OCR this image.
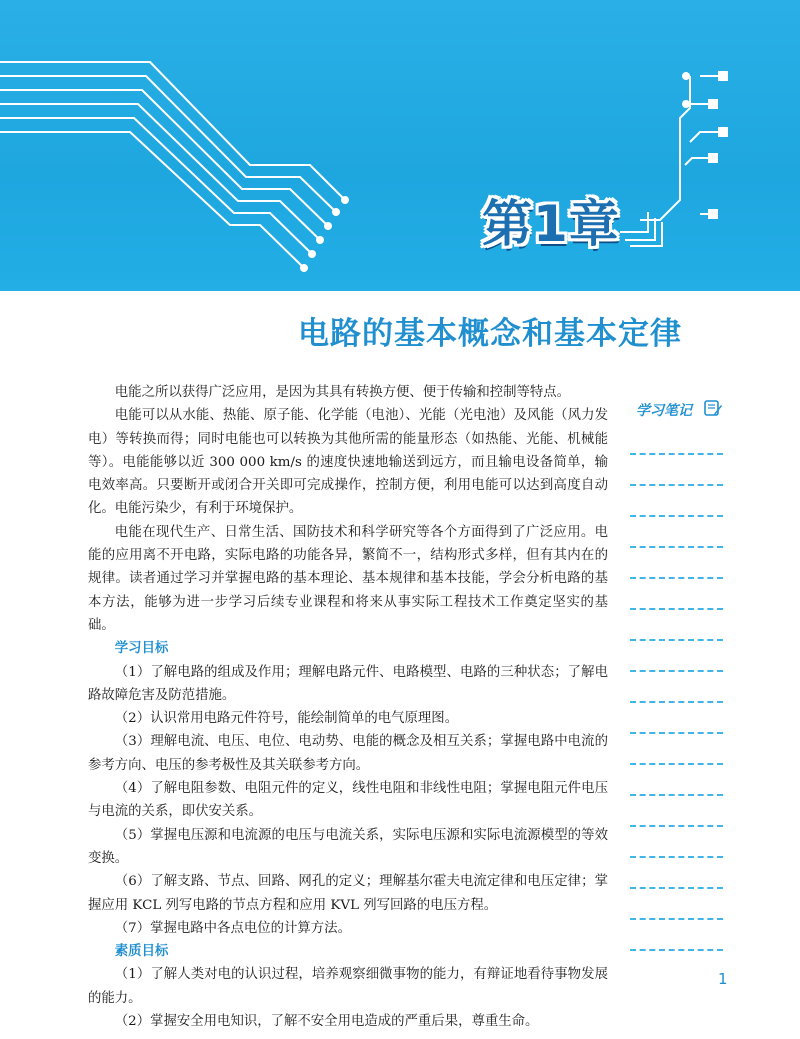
第1章
电路的基本概念和基本定律

电能之所以获得广泛应用，是因为其具有转换方便、便于传输和控制等特点。

电能可以从水能、热能、原子能、化学能（电池）、光能（光电池）及风能（风力发电）等转换而得；同时电能也可以转换为其他所需的能量形态（如热能、光能、机械能等）。电能能够以近 300 000 km/s 的速度快速地输送到远方，而且输电设备简单，输电效率高。只要断开或闭合开关即可完成操作，控制方便，利用电能可以达到高度自动化。电能污染少，有利于环境保护。

电能在现代生产、日常生活、国防技术和科学研究等各个方面得到了广泛应用。电能的应用离不开电路，实际电路的功能各异，繁简不一，结构形式多样，但有其内在的规律。读者通过学习并掌握电路的基本理论、基本规律和基本技能，学会分析电路的基本方法，能够为进一步学习后续专业课程和将来从事实际工程技术工作奠定坚实的基础。

学习目标

（1）了解电路的组成及作用；理解电路元件、电路模型、电路的三种状态；了解电路故障危害及防范措施。

（2）认识常用电路元件符号，能绘制简单的电气原理图。

（3）理解电流、电压、电位、电动势、电能的概念及相互关系；掌握电路中电流的参考方向、电压的参考极性及其关联参考方向。

（4）了解电阻参数、电阻元件的定义，线性电阻和非线性电阻；掌握电阻元件电压与电流的关系，即伏安关系。

（5）掌握电压源和电流源的电压与电流关系，实际电压源和实际电流源模型的等效变换。

（6）了解支路、节点、回路、网孔的定义；理解基尔霍夫电流定律和电压定律；掌握应用 KCL 列写电路的节点方程和应用 KVL 列写回路的电压方程。

（7）掌握电路中各点电位的计算方法。

素质目标

（1）了解人类对电的认识过程，培养观察细微事物的能力，有辩证地看待事物发展的能力。

（2）掌握安全用电知识，了解不安全用电造成的严重后果，尊重生命。

学习笔记
1
